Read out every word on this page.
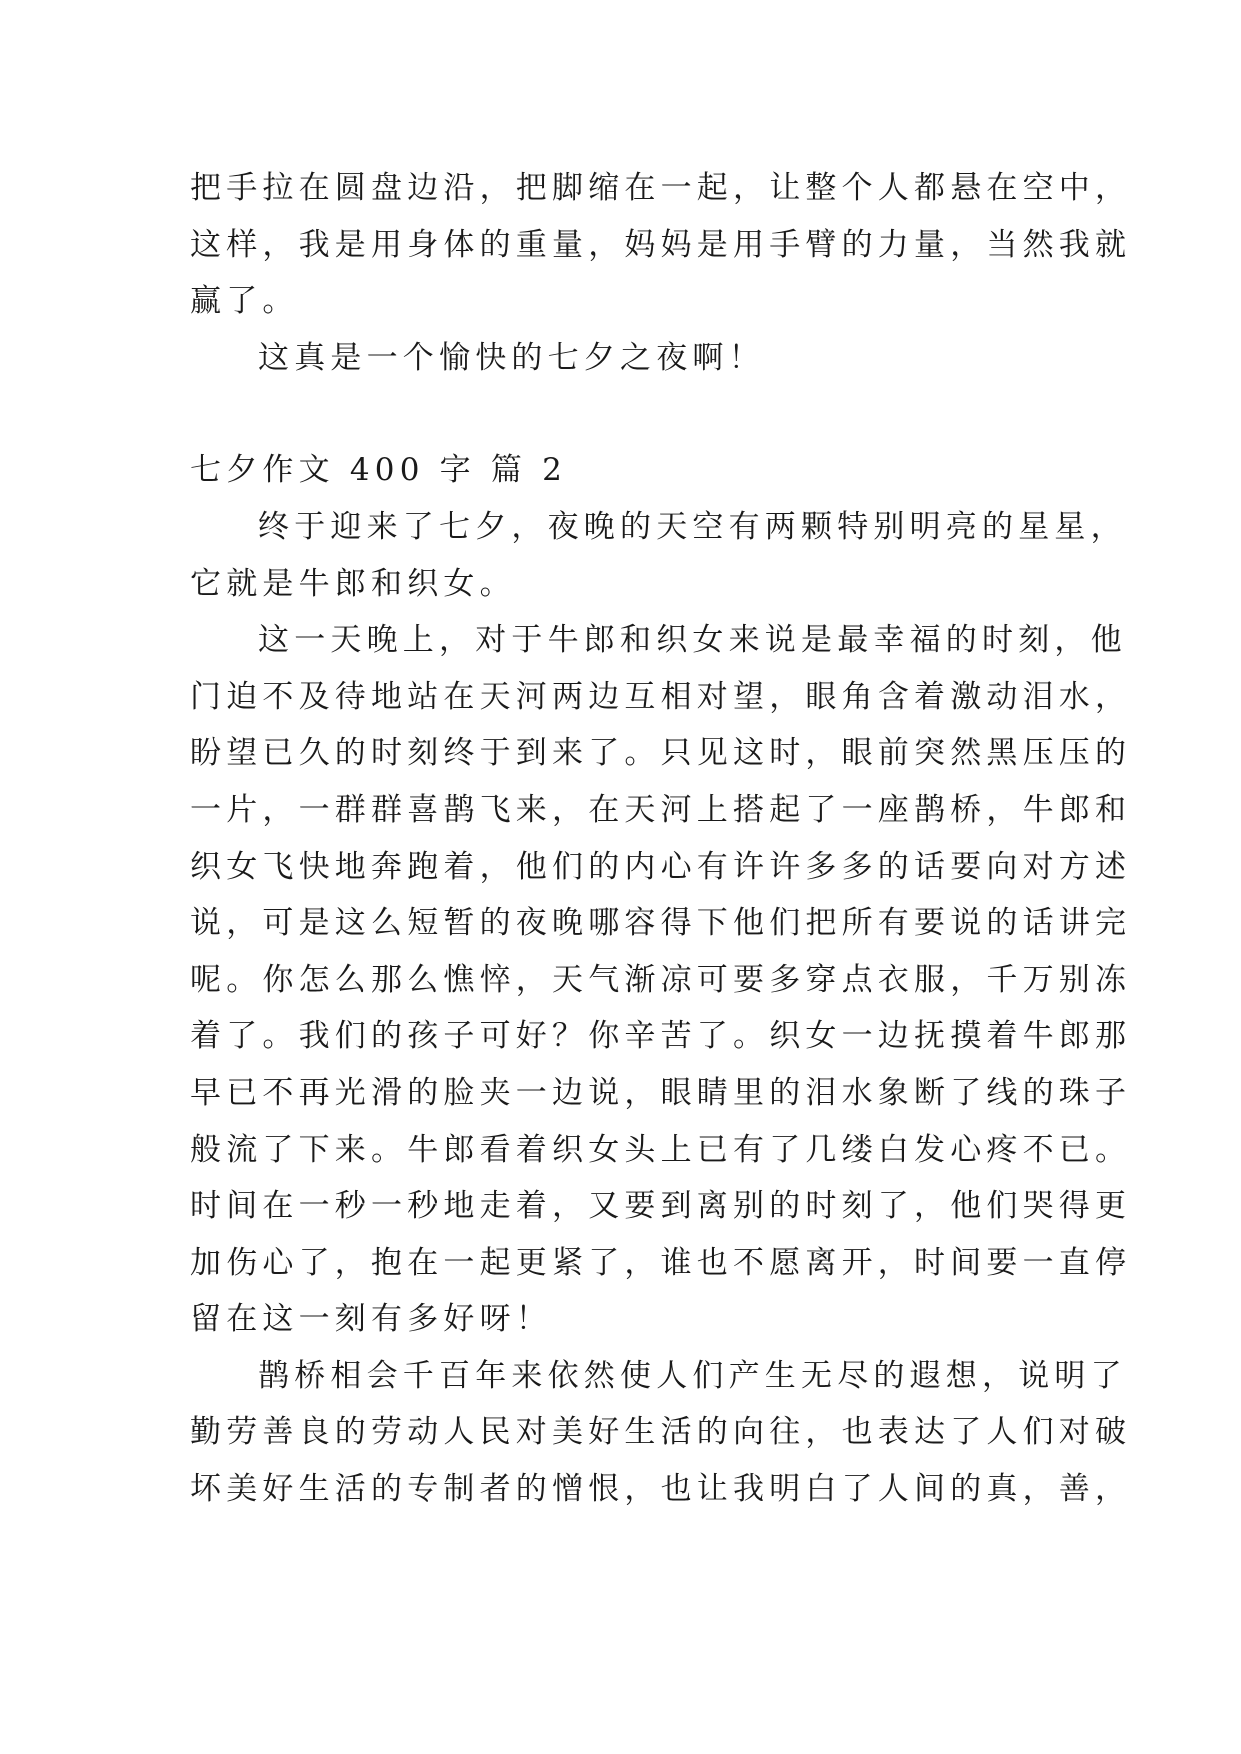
把手拉在圆盘边沿，把脚缩在一起，让整个人都悬在空中，
这样，我是用身体的重量，妈妈是用手臂的力量，当然我就
赢了。
这真是一个愉快的七夕之夜啊！
七夕作文 400 字 篇 2
终于迎来了七夕，夜晚的天空有两颗特别明亮的星星，
它就是牛郎和织女。
这一天晚上，对于牛郎和织女来说是最幸福的时刻，他
门迫不及待地站在天河两边互相对望，眼角含着激动泪水，
盼望已久的时刻终于到来了。只见这时，眼前突然黑压压的
一片，一群群喜鹊飞来，在天河上搭起了一座鹊桥，牛郎和
织女飞快地奔跑着，他们的内心有许许多多的话要向对方述
说，可是这么短暂的夜晚哪容得下他们把所有要说的话讲完
呢。你怎么那么憔悴，天气渐凉可要多穿点衣服，千万别冻
着了。我们的孩子可好？你辛苦了。织女一边抚摸着牛郎那
早已不再光滑的脸夹一边说，眼睛里的泪水象断了线的珠子
般流了下来。牛郎看着织女头上已有了几缕白发心疼不已。
时间在一秒一秒地走着，又要到离别的时刻了，他们哭得更
加伤心了，抱在一起更紧了，谁也不愿离开，时间要一直停
留在这一刻有多好呀！
鹊桥相会千百年来依然使人们产生无尽的遐想，说明了
勤劳善良的劳动人民对美好生活的向往，也表达了人们对破
坏美好生活的专制者的憎恨，也让我明白了人间的真，善，
